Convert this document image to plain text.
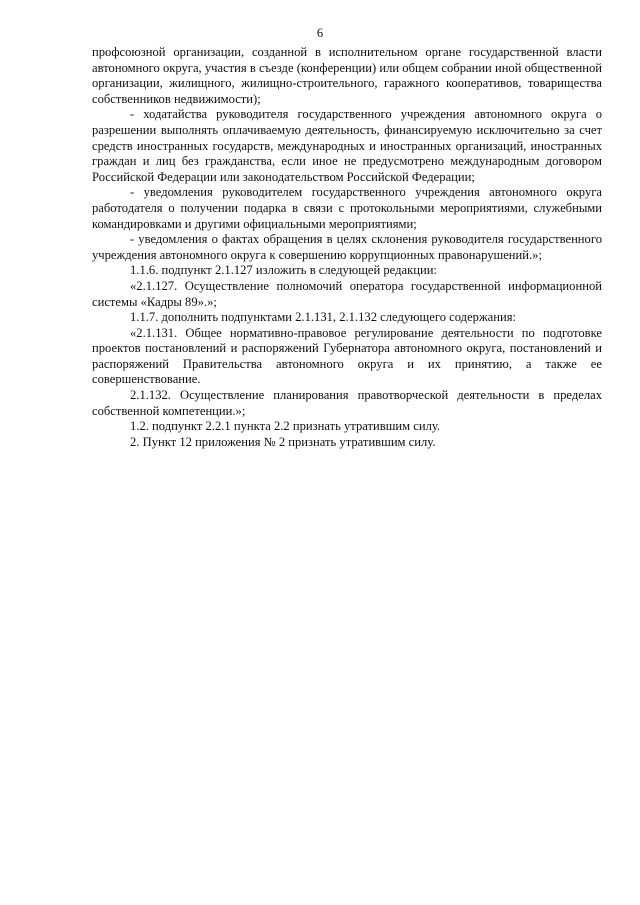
6

профсоюзной организации, созданной в исполнительном органе государственной власти автономного округа, участия в съезде (конференции) или общем собрании иной общественной организации, жилищного, жилищно-строительного, гаражного кооперативов, товарищества собственников недвижимости);

- ходатайства руководителя государственного учреждения автономного округа о разрешении выполнять оплачиваемую деятельность, финансируемую исключительно за счет средств иностранных государств, международных и иностранных организаций, иностранных граждан и лиц без гражданства, если иное не предусмотрено международным договором Российской Федерации или законодательством Российской Федерации;

- уведомления руководителем государственного учреждения автономного округа работодателя о получении подарка в связи с протокольными мероприятиями, служебными командировками и другими официальными мероприятиями;

- уведомления о фактах обращения в целях склонения руководителя государственного учреждения автономного округа к совершению коррупционных правонарушений.»;

1.1.6. подпункт 2.1.127 изложить в следующей редакции:

«2.1.127. Осуществление полномочий оператора государственной информационной системы «Кадры 89».»;

1.1.7. дополнить подпунктами 2.1.131, 2.1.132 следующего содержания:

«2.1.131. Общее нормативно-правовое регулирование деятельности по подготовке проектов постановлений и распоряжений Губернатора автономного округа, постановлений и распоряжений Правительства автономного округа и их принятию, а также ее совершенствование.

2.1.132. Осуществление планирования правотворческой деятельности в пределах собственной компетенции.»;

1.2. подпункт 2.2.1 пункта 2.2 признать утратившим силу.

2. Пункт 12 приложения № 2 признать утратившим силу.
